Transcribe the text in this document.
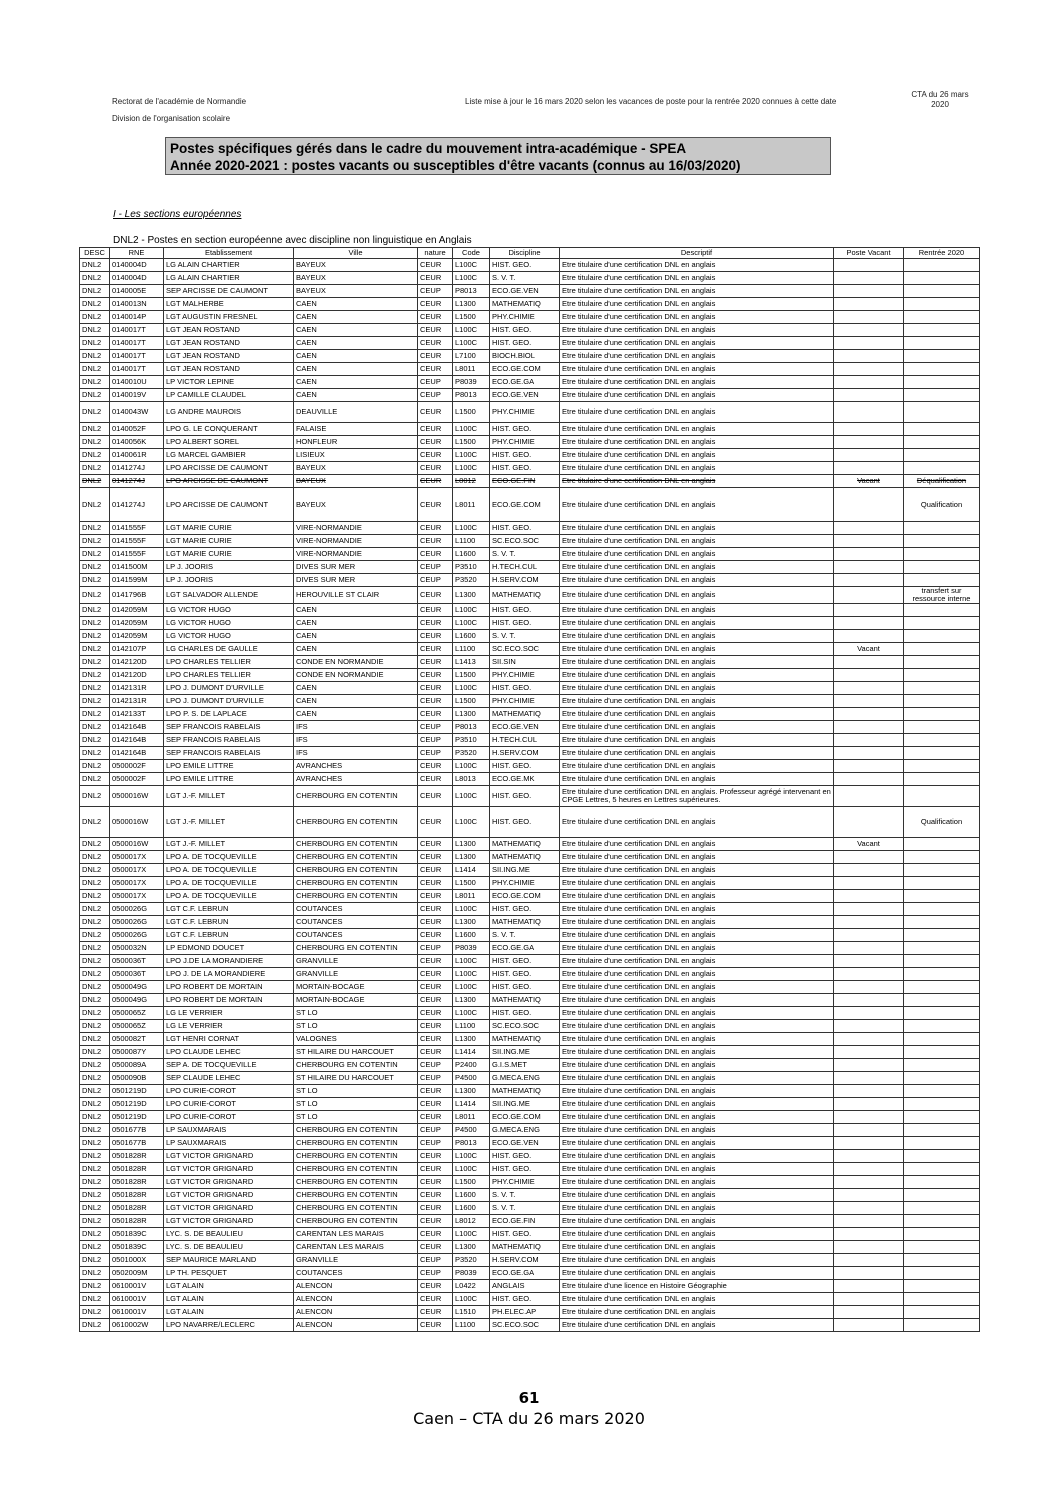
Rectorat de l'académie de Normandie
Division de l'organisation scolaire
Liste mise à jour le 16 mars 2020 selon les vacances de poste pour la rentrée 2020 connues à cette date
CTA du 26 mars
2020
Postes spécifiques gérés dans le cadre du mouvement intra-académique - SPEA
Année 2020-2021 : postes vacants ou susceptibles d'être vacants (connus au 16/03/2020)
I - Les sections européennes
DNL2 - Postes en section européenne avec discipline non linguistique en Anglais
DESC	RNE	Etablissement	Ville	nature	Code	Discipline	Descriptif	Poste Vacant	Rentrée 2020
DNL2	0140004D	LG ALAIN CHARTIER	BAYEUX	CEUR	L100C	HIST. GEO.	Etre titulaire d'une certification DNL en anglais		
DNL2	0140004D	LG ALAIN CHARTIER	BAYEUX	CEUR	L100C	S. V. T.	Etre titulaire d'une certification DNL en anglais		
DNL2	0140005E	SEP ARCISSE DE CAUMONT	BAYEUX	CEUP	P8013	ECO.GE.VEN	Etre titulaire d'une certification DNL en anglais		
DNL2	0140013N	LGT MALHERBE	CAEN	CEUR	L1300	MATHEMATIQ	Etre titulaire d'une certification DNL en anglais		
DNL2	0140014P	LGT AUGUSTIN FRESNEL	CAEN	CEUR	L1500	PHY.CHIMIE	Etre titulaire d'une certification DNL en anglais		
DNL2	0140017T	LGT JEAN ROSTAND	CAEN	CEUR	L100C	HIST. GEO.	Etre titulaire d'une certification DNL en anglais		
DNL2	0140017T	LGT JEAN ROSTAND	CAEN	CEUR	L100C	HIST. GEO.	Etre titulaire d'une certification DNL en anglais		
DNL2	0140017T	LGT JEAN ROSTAND	CAEN	CEUR	L7100	BIOCH.BIOL	Etre titulaire d'une certification DNL en anglais		
DNL2	0140017T	LGT JEAN ROSTAND	CAEN	CEUR	L8011	ECO.GE.COM	Etre titulaire d'une certification DNL en anglais		
DNL2	0140010U	LP VICTOR LEPINE	CAEN	CEUP	P8039	ECO.GE.GA	Etre titulaire d'une certification DNL en anglais		
DNL2	0140019V	LP CAMILLE CLAUDEL	CAEN	CEUP	P8013	ECO.GE.VEN	Etre titulaire d'une certification DNL en anglais		
DNL2	0140043W	LG ANDRE MAUROIS	DEAUVILLE	CEUR	L1500	PHY.CHIMIE	Etre titulaire d'une certification DNL en anglais		
DNL2	0140052F	LPO G. LE CONQUERANT	FALAISE	CEUR	L100C	HIST. GEO.	Etre titulaire d'une certification DNL en anglais		
DNL2	0140056K	LPO ALBERT SOREL	HONFLEUR	CEUR	L1500	PHY.CHIMIE	Etre titulaire d'une certification DNL en anglais		
DNL2	0140061R	LG MARCEL GAMBIER	LISIEUX	CEUR	L100C	HIST. GEO.	Etre titulaire d'une certification DNL en anglais		
DNL2	0141274J	LPO ARCISSE DE CAUMONT	BAYEUX	CEUR	L100C	HIST. GEO.	Etre titulaire d'une certification DNL en anglais		
DNL2	0141274J	LPO ARCISSE DE CAUMONT	BAYEUX	CEUR	L8012	ECO.GE.FIN	Etre titulaire d'une certification DNL en anglais	Vacant	Déqualification
DNL2	0141274J	LPO ARCISSE DE CAUMONT	BAYEUX	CEUR	L8011	ECO.GE.COM	Etre titulaire d'une certification DNL en anglais		Qualification
DNL2	0141555F	LGT MARIE CURIE	VIRE-NORMANDIE	CEUR	L100C	HIST. GEO.	Etre titulaire d'une certification DNL en anglais		
DNL2	0141555F	LGT MARIE CURIE	VIRE-NORMANDIE	CEUR	L1100	SC.ECO.SOC	Etre titulaire d'une certification DNL en anglais		
DNL2	0141555F	LGT MARIE CURIE	VIRE-NORMANDIE	CEUR	L1600	S. V. T.	Etre titulaire d'une certification DNL en anglais		
DNL2	0141500M	LP J. JOORIS	DIVES SUR MER	CEUP	P3510	H.TECH.CUL	Etre titulaire d'une certification DNL en anglais		
DNL2	0141599M	LP J. JOORIS	DIVES SUR MER	CEUP	P3520	H.SERV.COM	Etre titulaire d'une certification DNL en anglais		
DNL2	0141796B	LGT SALVADOR ALLENDE	HEROUVILLE ST CLAIR	CEUR	L1300	MATHEMATIQ	Etre titulaire d'une certification DNL en anglais		transfert sur ressource interne
DNL2	0142059M	LG VICTOR HUGO	CAEN	CEUR	L100C	HIST. GEO.	Etre titulaire d'une certification DNL en anglais		
DNL2	0142059M	LG VICTOR HUGO	CAEN	CEUR	L100C	HIST. GEO.	Etre titulaire d'une certification DNL en anglais		
DNL2	0142059M	LG VICTOR HUGO	CAEN	CEUR	L1600	S. V. T.	Etre titulaire d'une certification DNL en anglais		
DNL2	0142107P	LG CHARLES DE GAULLE	CAEN	CEUR	L1100	SC.ECO.SOC	Etre titulaire d'une certification DNL en anglais	Vacant	
DNL2	0142120D	LPO CHARLES TELLIER	CONDE EN NORMANDIE	CEUR	L1413	SII.SIN	Etre titulaire d'une certification DNL en anglais		
DNL2	0142120D	LPO CHARLES TELLIER	CONDE EN NORMANDIE	CEUR	L1500	PHY.CHIMIE	Etre titulaire d'une certification DNL en anglais		
DNL2	0142131R	LPO J. DUMONT D'URVILLE	CAEN	CEUR	L100C	HIST. GEO.	Etre titulaire d'une certification DNL en anglais		
DNL2	0142131R	LPO J. DUMONT D'URVILLE	CAEN	CEUR	L1500	PHY.CHIMIE	Etre titulaire d'une certification DNL en anglais		
DNL2	0142133T	LPO P. S. DE LAPLACE	CAEN	CEUR	L1300	MATHEMATIQ	Etre titulaire d'une certification DNL en anglais		
DNL2	0142164B	SEP FRANCOIS RABELAIS	IFS	CEUP	P8013	ECO.GE.VEN	Etre titulaire d'une certification DNL en anglais		
DNL2	0142164B	SEP FRANCOIS RABELAIS	IFS	CEUP	P3510	H.TECH.CUL	Etre titulaire d'une certification DNL en anglais		
DNL2	0142164B	SEP FRANCOIS RABELAIS	IFS	CEUP	P3520	H.SERV.COM	Etre titulaire d'une certification DNL en anglais		
DNL2	0500002F	LPO EMILE LITTRE	AVRANCHES	CEUR	L100C	HIST. GEO.	Etre titulaire d'une certification DNL en anglais		
DNL2	0500002F	LPO EMILE LITTRE	AVRANCHES	CEUR	L8013	ECO.GE.MK	Etre titulaire d'une certification DNL en anglais		
DNL2	0500016W	LGT J.-F. MILLET	CHERBOURG EN COTENTIN	CEUR	L100C	HIST. GEO.	Etre titulaire d'une certification DNL en anglais. Professeur agrégé intervenant en CPGE Lettres, 5 heures en Lettres supérieures.		
DNL2	0500016W	LGT J.-F. MILLET	CHERBOURG EN COTENTIN	CEUR	L100C	HIST. GEO.	Etre titulaire d'une certification DNL en anglais		Qualification
DNL2	0500016W	LGT J.-F. MILLET	CHERBOURG EN COTENTIN	CEUR	L1300	MATHEMATIQ	Etre titulaire d'une certification DNL en anglais	Vacant	
DNL2	0500017X	LPO A. DE TOCQUEVILLE	CHERBOURG EN COTENTIN	CEUR	L1300	MATHEMATIQ	Etre titulaire d'une certification DNL en anglais		
DNL2	0500017X	LPO A. DE TOCQUEVILLE	CHERBOURG EN COTENTIN	CEUR	L1414	SII.ING.ME	Etre titulaire d'une certification DNL en anglais		
DNL2	0500017X	LPO A. DE TOCQUEVILLE	CHERBOURG EN COTENTIN	CEUR	L1500	PHY.CHIMIE	Etre titulaire d'une certification DNL en anglais		
DNL2	0500017X	LPO A. DE TOCQUEVILLE	CHERBOURG EN COTENTIN	CEUR	L8011	ECO.GE.COM	Etre titulaire d'une certification DNL en anglais		
DNL2	0500026G	LGT C.F. LEBRUN	COUTANCES	CEUR	L100C	HIST. GEO.	Etre titulaire d'une certification DNL en anglais		
DNL2	0500026G	LGT C.F. LEBRUN	COUTANCES	CEUR	L1300	MATHEMATIQ	Etre titulaire d'une certification DNL en anglais		
DNL2	0500026G	LGT C.F. LEBRUN	COUTANCES	CEUR	L1600	S. V. T.	Etre titulaire d'une certification DNL en anglais		
DNL2	0500032N	LP EDMOND DOUCET	CHERBOURG EN COTENTIN	CEUP	P8039	ECO.GE.GA	Etre titulaire d'une certification DNL en anglais		
DNL2	0500036T	LPO J.DE LA MORANDIERE	GRANVILLE	CEUR	L100C	HIST. GEO.	Etre titulaire d'une certification DNL en anglais		
DNL2	0500036T	LPO J. DE LA MORANDIERE	GRANVILLE	CEUR	L100C	HIST. GEO.	Etre titulaire d'une certification DNL en anglais		
DNL2	0500049G	LPO ROBERT DE MORTAIN	MORTAIN-BOCAGE	CEUR	L100C	HIST. GEO.	Etre titulaire d'une certification DNL en anglais		
DNL2	0500049G	LPO ROBERT DE MORTAIN	MORTAIN-BOCAGE	CEUR	L1300	MATHEMATIQ	Etre titulaire d'une certification DNL en anglais		
DNL2	0500065Z	LG LE VERRIER	ST LO	CEUR	L100C	HIST. GEO.	Etre titulaire d'une certification DNL en anglais		
DNL2	0500065Z	LG LE VERRIER	ST LO	CEUR	L1100	SC.ECO.SOC	Etre titulaire d'une certification DNL en anglais		
DNL2	0500082T	LGT HENRI CORNAT	VALOGNES	CEUR	L1300	MATHEMATIQ	Etre titulaire d'une certification DNL en anglais		
DNL2	0500087Y	LPO CLAUDE LEHEC	ST HILAIRE DU HARCOUET	CEUR	L1414	SII.ING.ME	Etre titulaire d'une certification DNL en anglais		
DNL2	0500089A	SEP A. DE TOCQUEVILLE	CHERBOURG EN COTENTIN	CEUP	P2400	G.I.S.MET	Etre titulaire d'une certification DNL en anglais		
DNL2	0500090B	SEP CLAUDE LEHEC	ST HILAIRE DU HARCOUET	CEUP	P4500	G.MECA.ENG	Etre titulaire d'une certification DNL en anglais		
DNL2	0501219D	LPO CURIE-COROT	ST LO	CEUR	L1300	MATHEMATIQ	Etre titulaire d'une certification DNL en anglais		
DNL2	0501219D	LPO CURIE-COROT	ST LO	CEUR	L1414	SII.ING.ME	Etre titulaire d'une certification DNL en anglais		
DNL2	0501219D	LPO CURIE-COROT	ST LO	CEUR	L8011	ECO.GE.COM	Etre titulaire d'une certification DNL en anglais		
DNL2	0501677B	LP SAUXMARAIS	CHERBOURG EN COTENTIN	CEUP	P4500	G.MECA.ENG	Etre titulaire d'une certification DNL en anglais		
DNL2	0501677B	LP SAUXMARAIS	CHERBOURG EN COTENTIN	CEUP	P8013	ECO.GE.VEN	Etre titulaire d'une certification DNL en anglais		
DNL2	0501828R	LGT VICTOR GRIGNARD	CHERBOURG EN COTENTIN	CEUR	L100C	HIST. GEO.	Etre titulaire d'une certification DNL en anglais		
DNL2	0501828R	LGT VICTOR GRIGNARD	CHERBOURG EN COTENTIN	CEUR	L100C	HIST. GEO.	Etre titulaire d'une certification DNL en anglais		
DNL2	0501828R	LGT VICTOR GRIGNARD	CHERBOURG EN COTENTIN	CEUR	L1500	PHY.CHIMIE	Etre titulaire d'une certification DNL en anglais		
DNL2	0501828R	LGT VICTOR GRIGNARD	CHERBOURG EN COTENTIN	CEUR	L1600	S. V. T.	Etre titulaire d'une certification DNL en anglais		
DNL2	0501828R	LGT VICTOR GRIGNARD	CHERBOURG EN COTENTIN	CEUR	L1600	S. V. T.	Etre titulaire d'une certification DNL en anglais		
DNL2	0501828R	LGT VICTOR GRIGNARD	CHERBOURG EN COTENTIN	CEUR	L8012	ECO.GE.FIN	Etre titulaire d'une certification DNL en anglais		
DNL2	0501839C	LYC. S. DE BEAULIEU	CARENTAN LES MARAIS	CEUR	L100C	HIST. GEO.	Etre titulaire d'une certification DNL en anglais		
DNL2	0501839C	LYC. S. DE BEAULIEU	CARENTAN LES MARAIS	CEUR	L1300	MATHEMATIQ	Etre titulaire d'une certification DNL en anglais		
DNL2	0501000X	SEP MAURICE MARLAND	GRANVILLE	CEUP	P3520	H.SERV.COM	Etre titulaire d'une certification DNL en anglais		
DNL2	0502009M	LP TH. PESQUET	COUTANCES	CEUP	P8039	ECO.GE.GA	Etre titulaire d'une certification DNL en anglais		
DNL2	0610001V	LGT ALAIN	ALENCON	CEUR	L0422	ANGLAIS	Etre titulaire d'une licence en Histoire Géographie		
DNL2	0610001V	LGT ALAIN	ALENCON	CEUR	L100C	HIST. GEO.	Etre titulaire d'une certification DNL en anglais		
DNL2	0610001V	LGT ALAIN	ALENCON	CEUR	L1510	PH.ELEC.AP	Etre titulaire d'une certification DNL en anglais		
DNL2	0610002W	LPO NAVARRE/LECLERC	ALENCON	CEUR	L1100	SC.ECO.SOC	Etre titulaire d'une certification DNL en anglais		
61
Caen – CTA du 26 mars 2020
